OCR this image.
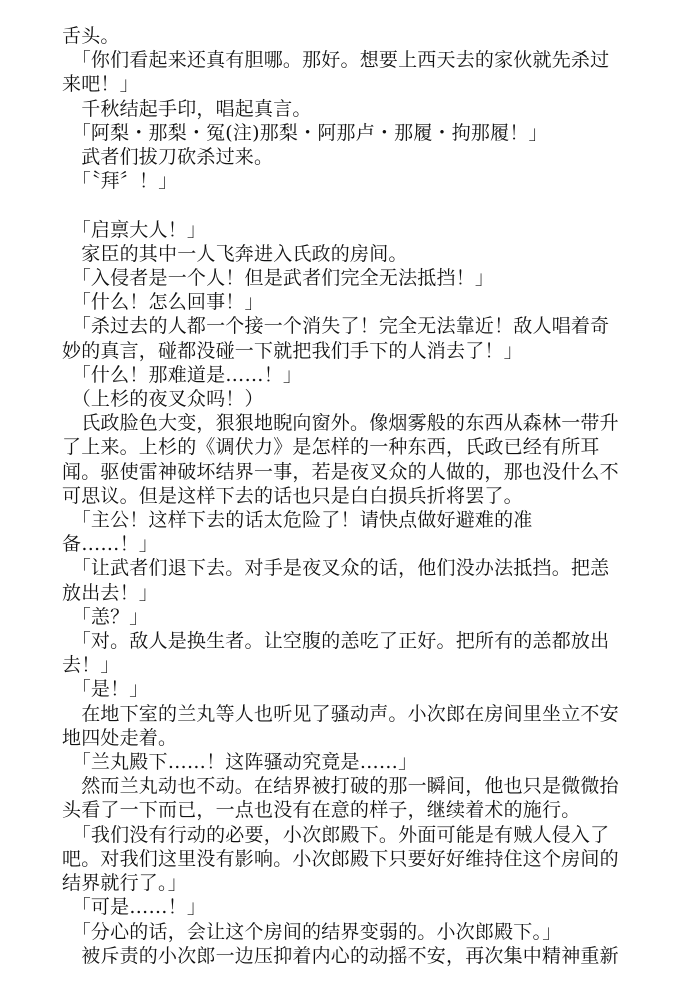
舌头。

　「你们看起来还真有胆哪。那好。想要上西天去的家伙就先杀过

来吧！」

　千秋结起手印，唱起真言。

　「阿梨・那梨・冤(注)那梨・阿那卢・那履・拘那履！」

　武者们拔刀砍杀过来。

　「〝拜〞！」

　「启禀大人！」

　家臣的其中一人飞奔进入氏政的房间。

　「入侵者是一个人！但是武者们完全无法抵挡！」

　「什么！怎么回事！」

　「杀过去的人都一个接一个消失了！完全无法靠近！敌人唱着奇

妙的真言，碰都没碰一下就把我们手下的人消去了！」

　「什么！那难道是……！」

　（上杉的夜叉众吗！）

　氏政脸色大变，狠狠地睨向窗外。像烟雾般的东西从森林一带升

了上来。上杉的《调伏力》是怎样的一种东西，氏政已经有所耳

闻。驱使雷神破坏结界一事，若是夜叉众的人做的，那也没什么不

可思议。但是这样下去的话也只是白白损兵折将罢了。

　「主公！这样下去的话太危险了！请快点做好避难的准

备……！」

　「让武者们退下去。对手是夜叉众的话，他们没办法抵挡。把恙

放出去！」

　「恙？」

　「对。敌人是换生者。让空腹的恙吃了正好。把所有的恙都放出

去！」

　「是！」

　在地下室的兰丸等人也听见了骚动声。小次郎在房间里坐立不安

地四处走着。

　「兰丸殿下……！这阵骚动究竟是……」

　然而兰丸动也不动。在结界被打破的那一瞬间，他也只是微微抬

头看了一下而已，一点也没有在意的样子，继续着术的施行。

　「我们没有行动的必要，小次郎殿下。外面可能是有贼人侵入了

吧。对我们这里没有影响。小次郎殿下只要好好维持住这个房间的

结界就行了。」

　「可是……！」

　「分心的话，会让这个房间的结界变弱的。小次郎殿下。」

　被斥责的小次郎一边压抑着内心的动摇不安，再次集中精神重新
